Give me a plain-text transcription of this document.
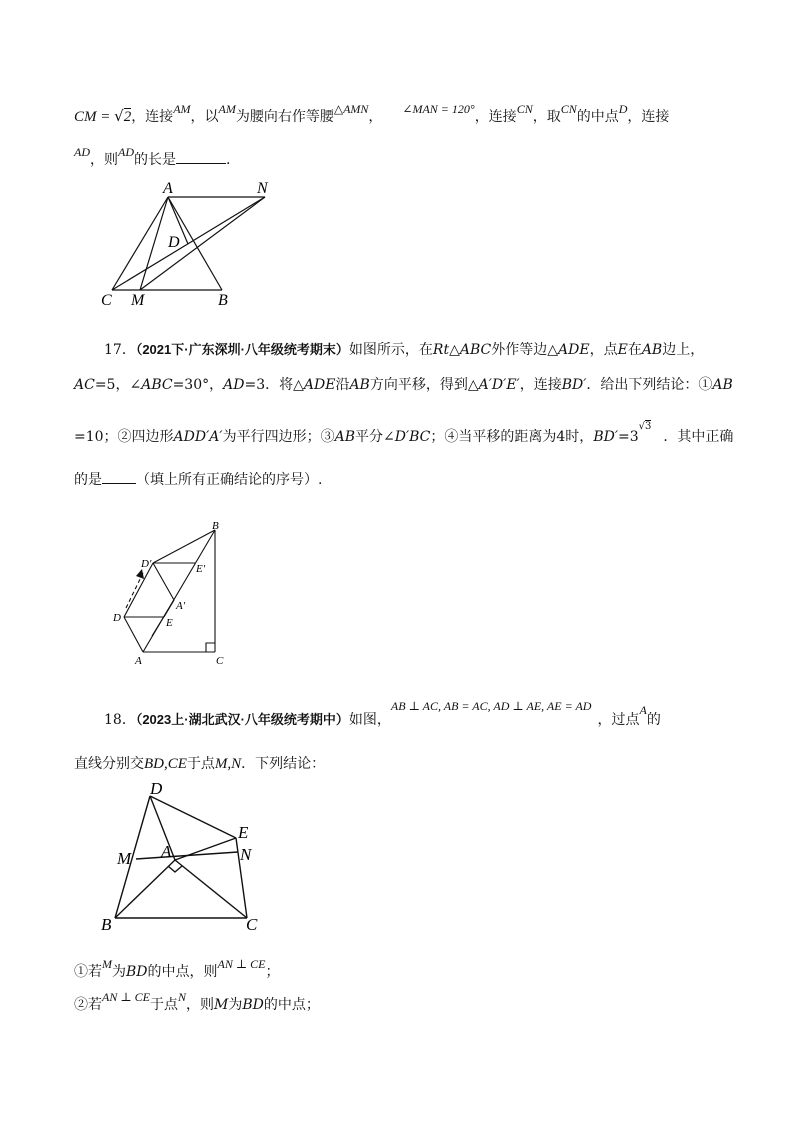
CM = √2，连接AM，以AM为腰向右作等腰△AMN， ∠MAN = 120°，连接CN，取CN的中点D，连接
AD，则AD的长是	.
A	N
D
C M	B
17．（2021下·广东深圳·八年级统考期末）如图所示，在Rt△ABC外作等边△ADE，点E在AB边上，
AC=5，∠ABC=30°，AD=3．将△ADE沿AB方向平移，得到△A′D′E′，连接BD′．给出下列结论：①AB
=10；②四边形ADD′A′为平行四边形；③AB平分∠D′BC；④当平移的距离为4时，$BD'=3^{√3}$．其中正确
的是 （填上所有正确结论的序号）.
B
D′	E′
A′
D	E
A	C
18．（2023上·湖北武汉·八年级统考期中）如图，AB ⊥ AC, AB = AC, AD ⊥ AE, AE = AD，过点A的
直线分别交BD,CE于点M,N．下列结论：
D
E
M A	N
B	C
①若M为BD的中点，则AN ⊥ CE；
②若AN ⊥ CE于点N，则M为BD的中点；
